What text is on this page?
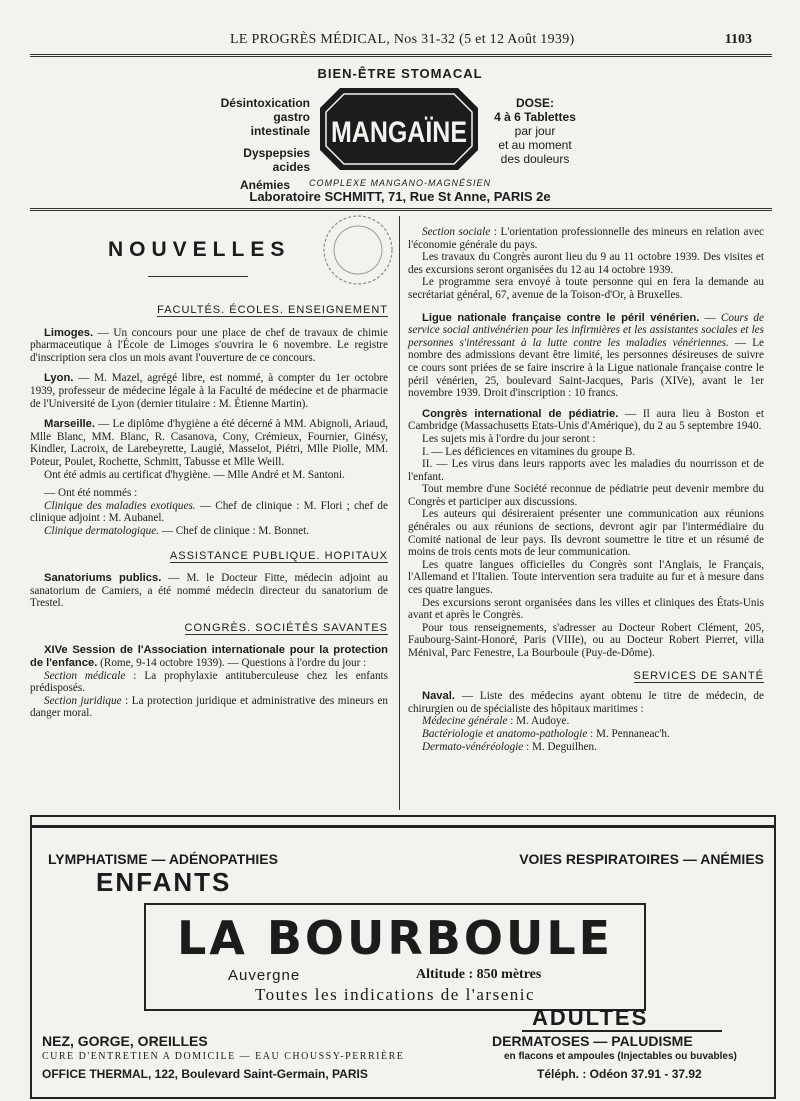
LE PROGRÈS MÉDICAL, Nos 31-32 (5 et 12 Août 1939)	1103
BIEN-ÊTRE STOMACAL
Désintoxication
gastro intestinale
Dyspepsies acides
Anémies
MANGAÏNE
DOSE:
4 à 6 Tablettes
par jour
et au moment
des douleurs
COMPLEXE MANGANO-MAGNÉSIEN
Laboratoire SCHMITT, 71, Rue St Anne, PARIS 2e
NOUVELLES
FACULTÉS. ÉCOLES. ENSEIGNEMENT

Limoges. — Un concours pour une place de chef de travaux de chimie pharmaceutique à l'École de Limoges s'ouvrira le 6 novembre. Le registre d'inscription sera clos un mois avant l'ouverture de ce concours.

Lyon. — M. Mazel, agrégé libre, est nommé, à compter du 1er octobre 1939, professeur de médecine légale à la Faculté de médecine et de pharmacie de l'Université de Lyon (dernier titulaire : M. Étienne Martin).

Marseille. — Le diplôme d'hygiène a été décerné à MM. Abignoli, Ariaud, Mlle Blanc, MM. Blanc, R. Casanova, Cony, Crémieux, Fournier, Ginésy, Kindler, Lacroix, de Larebeyrette, Laugié, Masselot, Piétri, Mlle Piolle, MM. Poteur, Poulet, Rochette, Schmitt, Tabusse et Mlle Weill.

Ont été admis au certificat d'hygiène. — Mlle André et M. Santoni.

— Ont été nommés :

Clinique des maladies exotiques. — Chef de clinique : M. Flori ; chef de clinique adjoint : M. Aubanel.

Clinique dermatologique. — Chef de clinique : M. Bonnet.

ASSISTANCE PUBLIQUE. HOPITAUX

Sanatoriums publics. — M. le Docteur Fitte, médecin adjoint au sanatorium de Camiers, a été nommé médecin directeur du sanatorium de Trestel.

CONGRÈS. SOCIÉTÉS SAVANTES

XIVe Session de l'Association internationale pour la protection de l'enfance. (Rome, 9-14 octobre 1939). — Questions à l'ordre du jour :

Section médicale : La prophylaxie antituberculeuse chez les enfants prédisposés.

Section juridique : La protection juridique et administrative des mineurs en danger moral.

Section sociale : L'orientation professionnelle des mineurs en relation avec l'économie générale du pays.

Les travaux du Congrès auront lieu du 9 au 11 octobre 1939. Des visites et des excursions seront organisées du 12 au 14 octobre 1939.

Le programme sera envoyé à toute personne qui en fera la demande au secrétariat général, 67, avenue de la Toison-d'Or, à Bruxelles.

Ligue nationale française contre le péril vénérien. — Cours de service social antivénérien pour les infirmières et les assistantes sociales et les personnes s'intéressant à la lutte contre les maladies vénériennes. — Le nombre des admissions devant être limité, les personnes désireuses de suivre ce cours sont priées de se faire inscrire à la Ligue nationale française contre le péril vénérien, 25, boulevard Saint-Jacques, Paris (XIVe), avant le 1er novembre 1939. Droit d'inscription : 10 francs.

Congrès international de pédiatrie. — Il aura lieu à Boston et Cambridge (Massachusetts Etats-Unis d'Amérique), du 2 au 5 septembre 1940.

Les sujets mis à l'ordre du jour seront :

I. — Les déficiences en vitamines du groupe B.

II. — Les virus dans leurs rapports avec les maladies du nourrisson et de l'enfant.

Tout membre d'une Société reconnue de pédiatrie peut devenir membre du Congrès et participer aux discussions.

Les auteurs qui désireraient présenter une communication aux réunions générales ou aux réunions de sections, devront agir par l'intermédiaire du Comité national de leur pays. Ils devront soumettre le titre et un résumé de moins de trois cents mots de leur communication.

Les quatre langues officielles du Congrès sont l'Anglais, le Français, l'Allemand et l'Italien. Toute intervention sera traduite au fur et à mesure dans ces quatre langues.

Des excursions seront organisées dans les villes et cliniques des États-Unis avant et après le Congrès.

Pour tous renseignements, s'adresser au Docteur Robert Clément, 205, Faubourg-Saint-Honoré, Paris (VIIIe), ou au Docteur Robert Pierret, villa Ménival, Parc Fenestre, La Bourboule (Puy-de-Dôme).

SERVICES DE SANTÉ

Naval. — Liste des médecins ayant obtenu le titre de médecin, de chirurgien ou de spécialiste des hôpitaux maritimes :

Médecine générale : M. Audoye.

Bactériologie et anatomo-pathologie : M. Pennaneac'h.

Dermato-vénéréologie : M. Deguilhen.

LYMPHATISME — ADÉNOPATHIES	VOIES RESPIRATOIRES — ANÉMIES
ENFANTS
LA BOURBOULE
Auvergne	Altitude : 850 mètres
Toutes les indications de l'arsenic
ADULTES
NEZ, GORGE, OREILLES	DERMATOSES — PALUDISME
CURE D'ENTRETIEN A DOMICILE — EAU CHOUSSY-PERRIÈRE	en flacons et ampoules (Injectables ou buvables)
OFFICE THERMAL, 122, Boulevard Saint-Germain, PARIS	Téléph. : Odéon 37.91 - 37.92
